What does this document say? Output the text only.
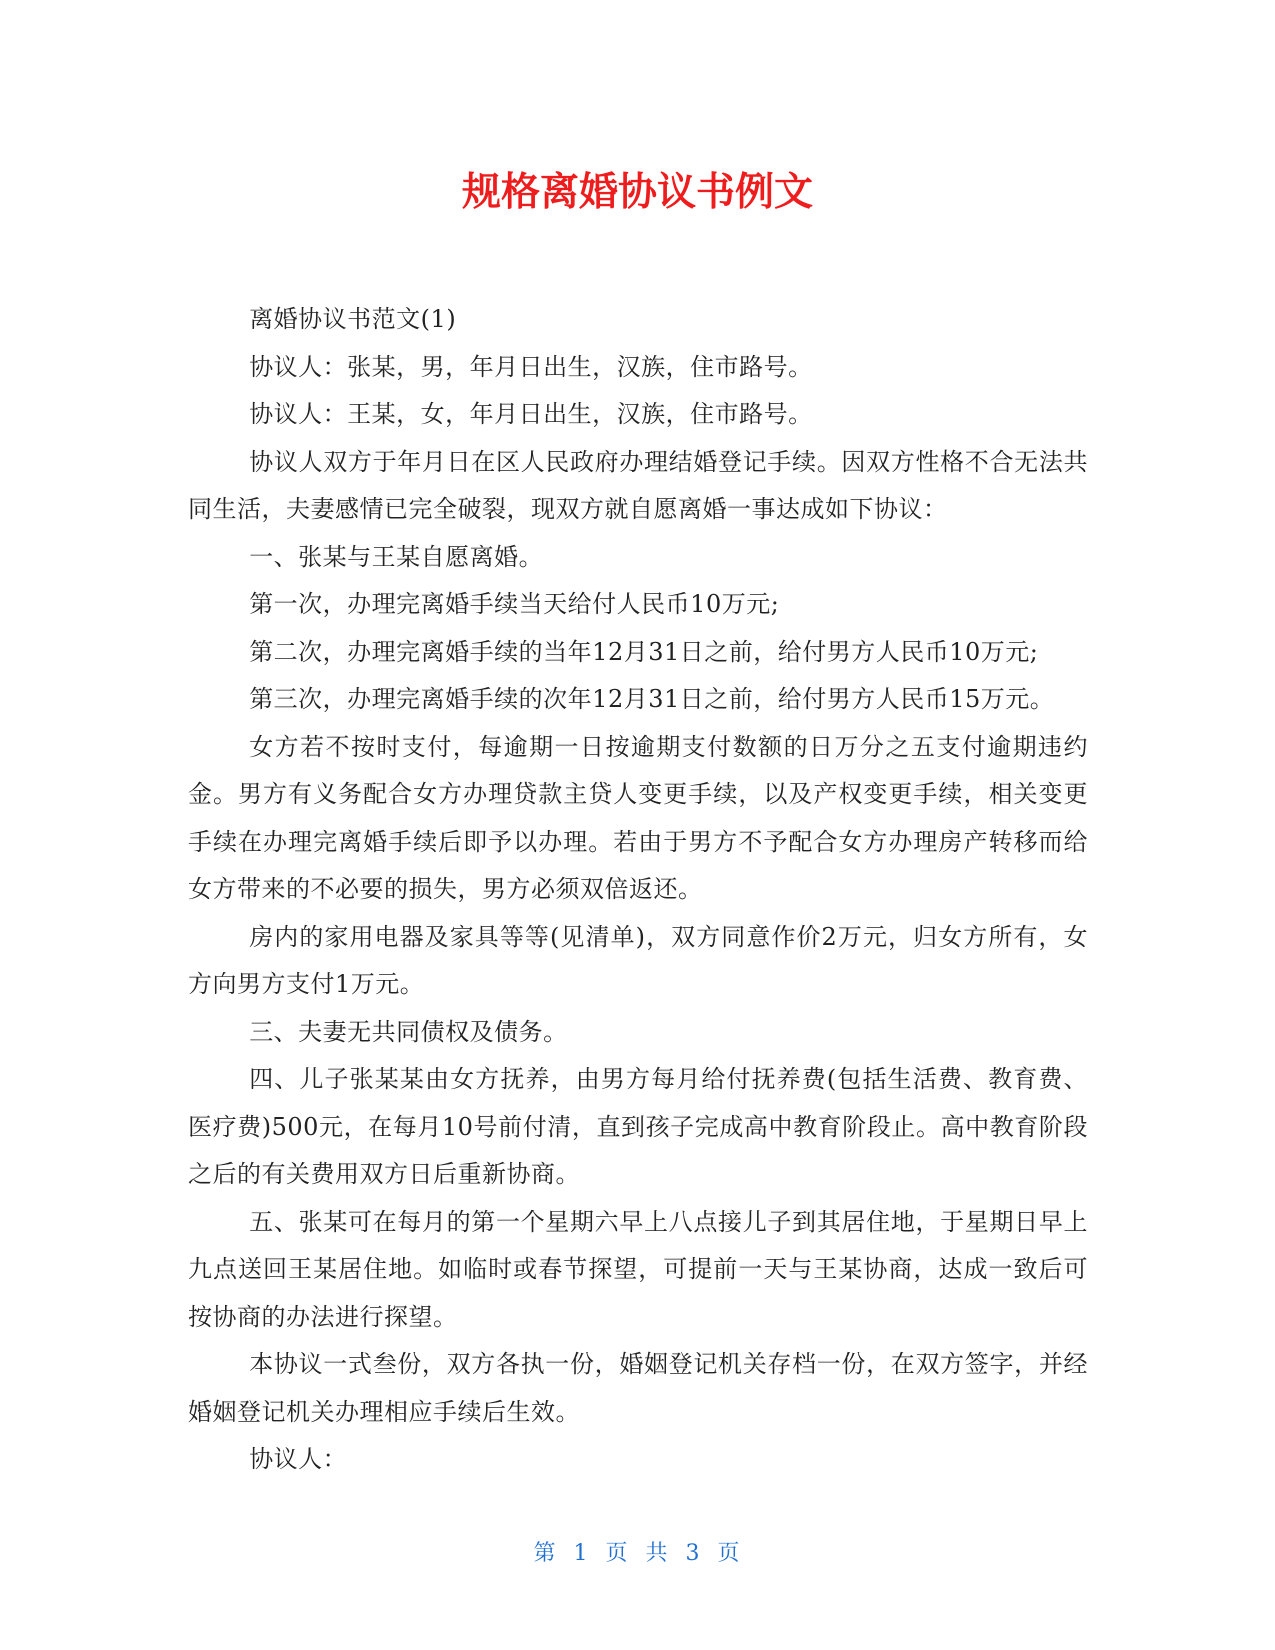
规格离婚协议书例文

离婚协议书范文(1)

协议人：张某，男，年月日出生，汉族，住市路号。

协议人：王某，女，年月日出生，汉族，住市路号。

协议人双方于年月日在区人民政府办理结婚登记手续。因双方性格不合无法共同生活，夫妻感情已完全破裂，现双方就自愿离婚一事达成如下协议：

一、张某与王某自愿离婚。

第一次，办理完离婚手续当天给付人民币10万元;

第二次，办理完离婚手续的当年12月31日之前，给付男方人民币10万元;

第三次，办理完离婚手续的次年12月31日之前，给付男方人民币15万元。

女方若不按时支付，每逾期一日按逾期支付数额的日万分之五支付逾期违约金。男方有义务配合女方办理贷款主贷人变更手续，以及产权变更手续，相关变更手续在办理完离婚手续后即予以办理。若由于男方不予配合女方办理房产转移而给女方带来的不必要的损失，男方必须双倍返还。

房内的家用电器及家具等等(见清单)，双方同意作价2万元，归女方所有，女方向男方支付1万元。

三、夫妻无共同债权及债务。

四、儿子张某某由女方抚养，由男方每月给付抚养费(包括生活费、教育费、医疗费)500元，在每月10号前付清，直到孩子完成高中教育阶段止。高中教育阶段之后的有关费用双方日后重新协商。

五、张某可在每月的第一个星期六早上八点接儿子到其居住地，于星期日早上九点送回王某居住地。如临时或春节探望，可提前一天与王某协商，达成一致后可按协商的办法进行探望。

本协议一式叁份，双方各执一份，婚姻登记机关存档一份，在双方签字，并经婚姻登记机关办理相应手续后生效。

协议人：

第 1 页 共 3 页
